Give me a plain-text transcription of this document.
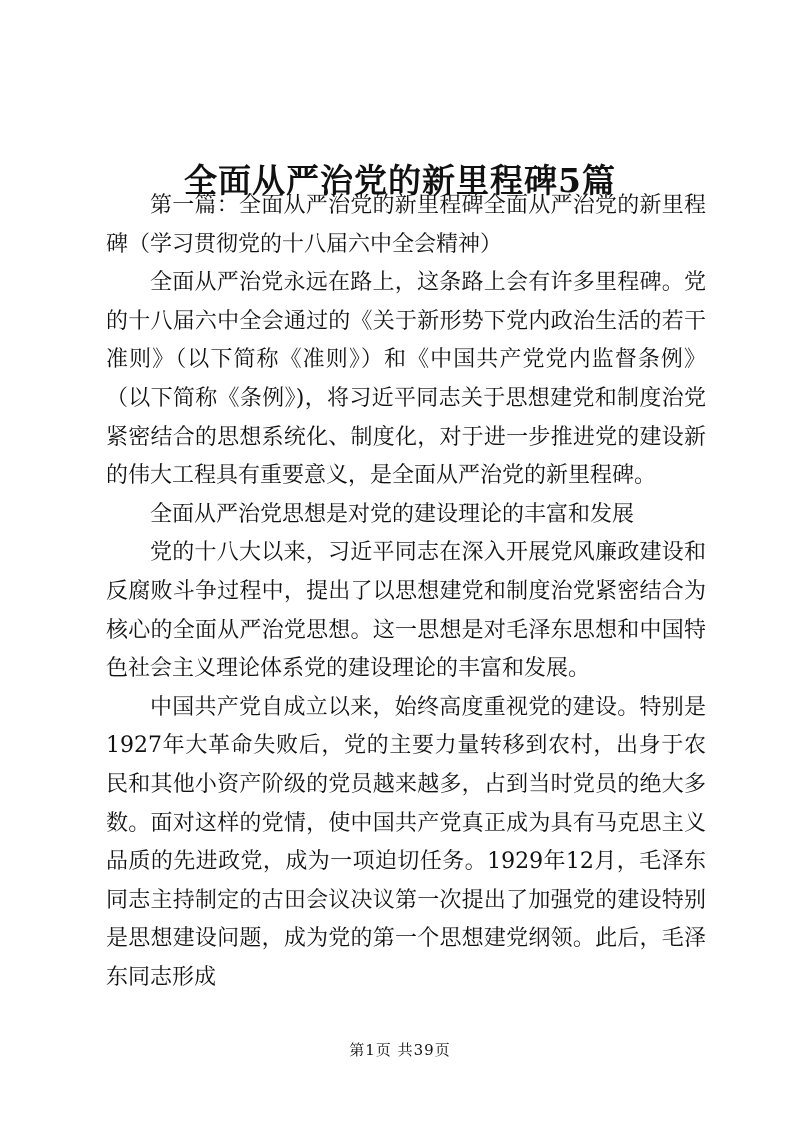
全面从严治党的新里程碑5篇

第一篇：全面从严治党的新里程碑全面从严治党的新里程碑（学习贯彻党的十八届六中全会精神）

全面从严治党永远在路上，这条路上会有许多里程碑。党的十八届六中全会通过的《关于新形势下党内政治生活的若干准则》（以下简称《准则》）和《中国共产党党内监督条例》（以下简称《条例》)，将习近平同志关于思想建党和制度治党紧密结合的思想系统化、制度化，对于进一步推进党的建设新的伟大工程具有重要意义，是全面从严治党的新里程碑。

全面从严治党思想是对党的建设理论的丰富和发展

党的十八大以来，习近平同志在深入开展党风廉政建设和反腐败斗争过程中，提出了以思想建党和制度治党紧密结合为核心的全面从严治党思想。这一思想是对毛泽东思想和中国特色社会主义理论体系党的建设理论的丰富和发展。

中国共产党自成立以来，始终高度重视党的建设。特别是1927年大革命失败后，党的主要力量转移到农村，出身于农民和其他小资产阶级的党员越来越多，占到当时党员的绝大多数。面对这样的党情，使中国共产党真正成为具有马克思主义品质的先进政党，成为一项迫切任务。1929年12月，毛泽东同志主持制定的古田会议决议第一次提出了加强党的建设特别是思想建设问题，成为党的第一个思想建党纲领。此后，毛泽东同志形成

第1页 共39页
